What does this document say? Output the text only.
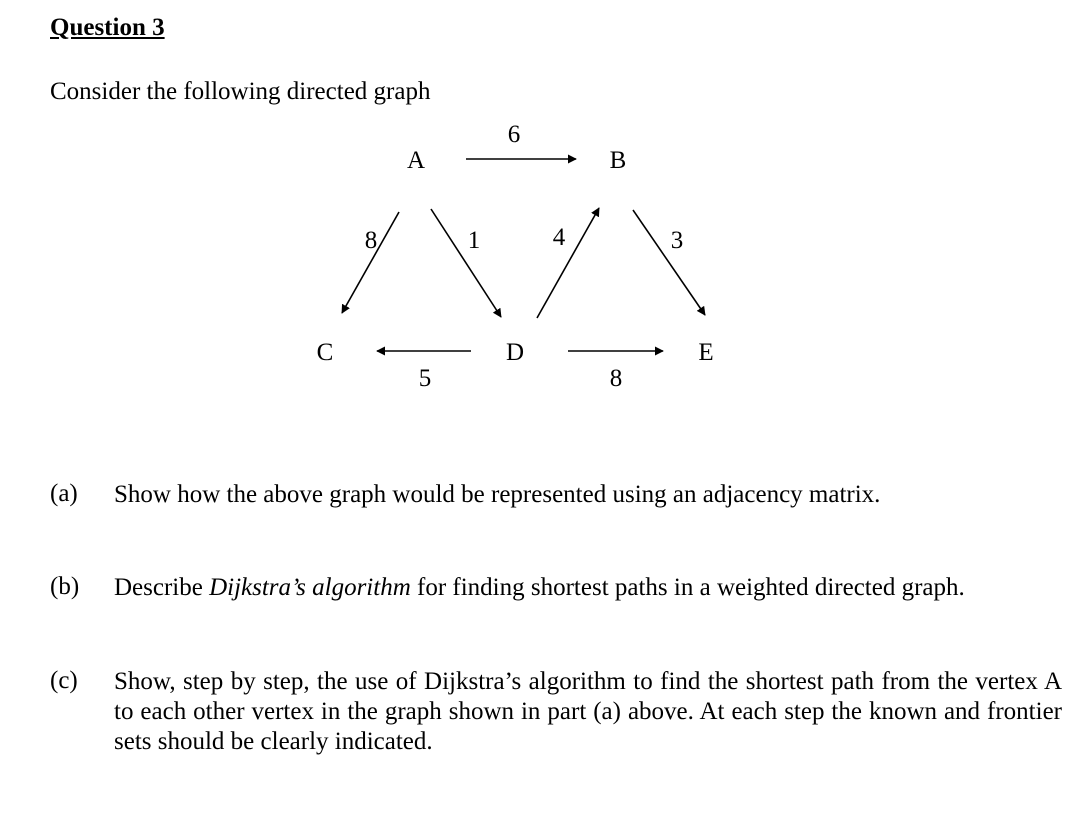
Question 3
Consider the following directed graph
A	B
C	D	E
6
8	1	4	3
5	8
(a) Show how the above graph would be represented using an adjacency matrix.
(b) Describe Dijkstra’s algorithm for finding shortest paths in a weighted directed graph.
(c) Show, step by step, the use of Dijkstra’s algorithm to find the shortest path from the vertex A to each other vertex in the graph shown in part (a) above. At each step the known and frontier sets should be clearly indicated.
